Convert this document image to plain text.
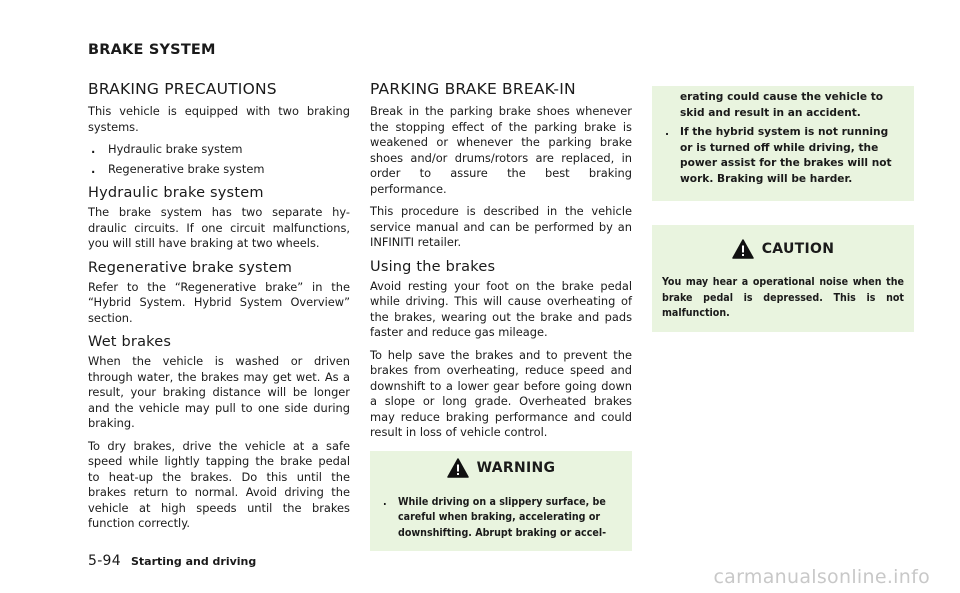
BRAKE SYSTEM
BRAKING PRECAUTIONS

This vehicle is equipped with two braking systems.

. Hydraulic brake system
. Regenerative brake system
Hydraulic brake system

The brake system has two separate hy-draulic circuits. If one circuit malfunctions, you will still have braking at two wheels.

Regenerative brake system

Refer to the “Regenerative brake” in the “Hybrid System. Hybrid System Overview” section.

Wet brakes

When the vehicle is washed or driven through water, the brakes may get wet. As a result, your braking distance will be longer and the vehicle may pull to one side during braking.

To dry brakes, drive the vehicle at a safe speed while lightly tapping the brake pedal to heat-up the brakes. Do this until the brakes return to normal. Avoid driving the vehicle at high speeds until the brakes function correctly.

PARKING BRAKE BREAK-IN

Break in the parking brake shoes whenever the stopping effect of the parking brake is weakened or whenever the parking brake shoes and/or drums/rotors are replaced, in order to assure the best braking performance.

This procedure is described in the vehicle service manual and can be performed by an INFINITI retailer.

Using the brakes

Avoid resting your foot on the brake pedal while driving. This will cause overheating of the brakes, wearing out the brake and pads faster and reduce gas mileage.

To help save the brakes and to prevent the brakes from overheating, reduce speed and downshift to a lower gear before going down a slope or long grade. Overheated brakes may reduce braking performance and could result in loss of vehicle control.

WARNING
. While driving on a slippery surface, be careful when braking, accelerating or downshifting. Abrupt braking or accel-
erating could cause the vehicle to skid and result in an accident.
. If the hybrid system is not running or is turned off while driving, the power assist for the brakes will not work. Braking will be harder.
CAUTION

You may hear a operational noise when the brake pedal is depressed. This is not malfunction.

5-94 Starting and driving
carmanualsonline.info
